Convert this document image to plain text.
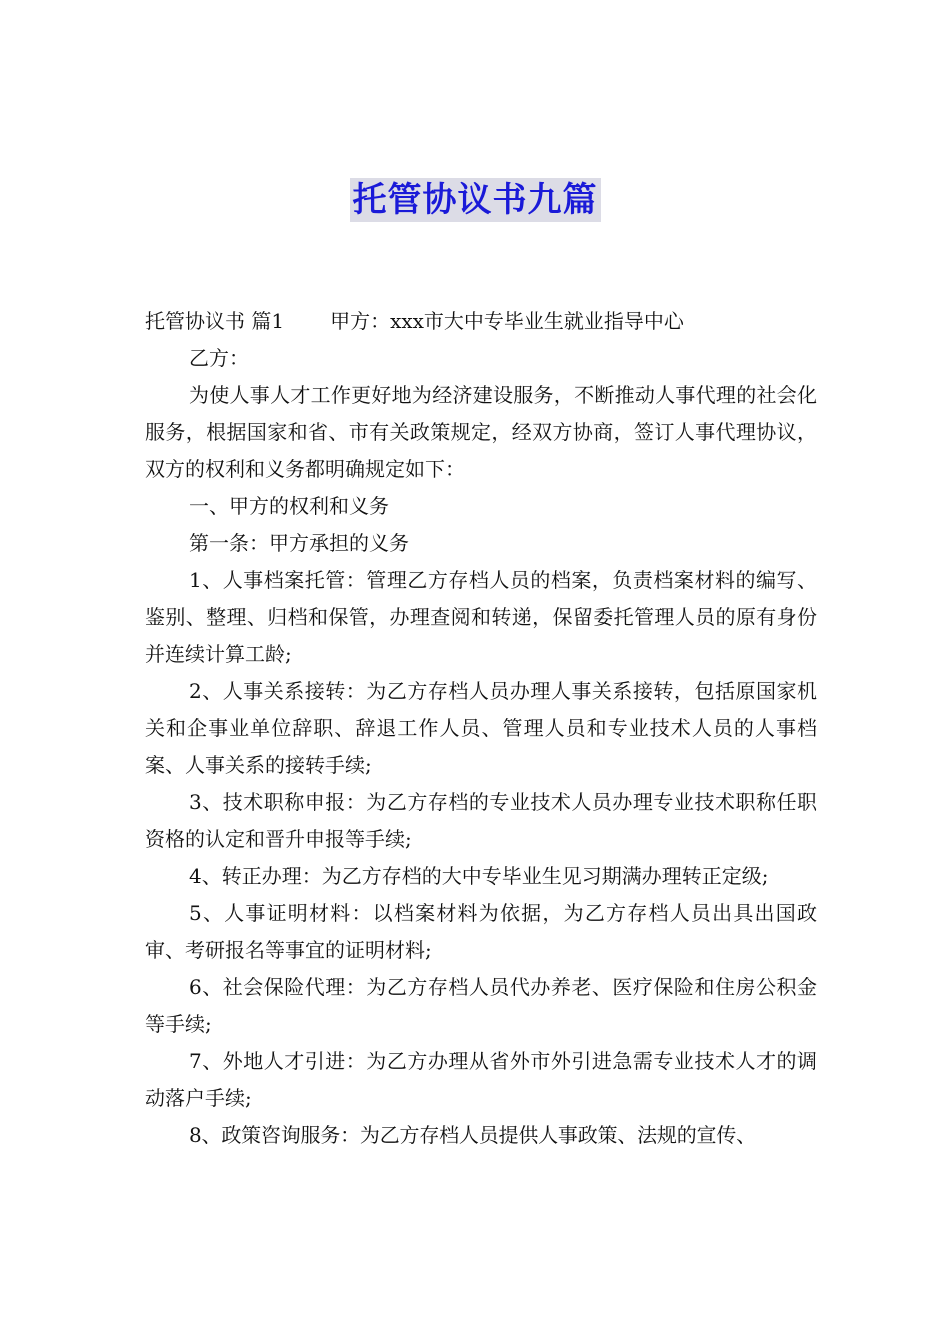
托管协议书九篇

托管协议书 篇1 甲方：xxx市大中专毕业生就业指导中心

乙方：

为使人事人才工作更好地为经济建设服务，不断推动人事代理的社会化服务，根据国家和省、市有关政策规定，经双方协商，签订人事代理协议，双方的权利和义务都明确规定如下：

一、甲方的权利和义务

第一条：甲方承担的义务

1、人事档案托管：管理乙方存档人员的档案，负责档案材料的编写、鉴别、整理、归档和保管，办理查阅和转递，保留委托管理人员的原有身份并连续计算工龄;

2、人事关系接转：为乙方存档人员办理人事关系接转，包括原国家机关和企事业单位辞职、辞退工作人员、管理人员和专业技术人员的人事档案、人事关系的接转手续;

3、技术职称申报：为乙方存档的专业技术人员办理专业技术职称任职资格的认定和晋升申报等手续;

4、转正办理：为乙方存档的大中专毕业生见习期满办理转正定级;

5、人事证明材料：以档案材料为依据，为乙方存档人员出具出国政审、考研报名等事宜的证明材料;

6、社会保险代理：为乙方存档人员代办养老、医疗保险和住房公积金等手续;

7、外地人才引进：为乙方办理从省外市外引进急需专业技术人才的调动落户手续;

8、政策咨询服务：为乙方存档人员提供人事政策、法规的宣传、
